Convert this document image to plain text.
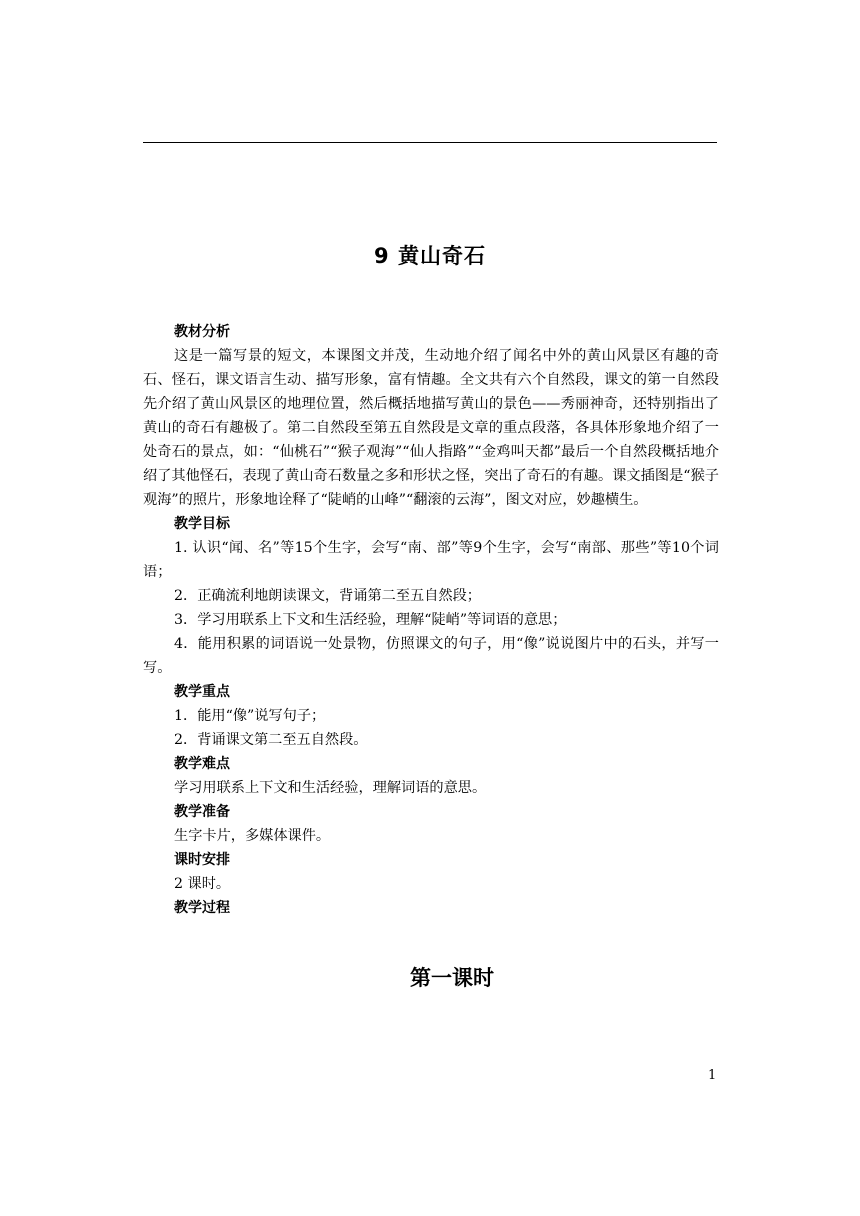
9 黄山奇石
教材分析

这是一篇写景的短文，本课图文并茂，生动地介绍了闻名中外的黄山风景区有趣的奇石、怪石，课文语言生动、描写形象，富有情趣。全文共有六个自然段，课文的第一自然段先介绍了黄山风景区的地理位置，然后概括地描写黄山的景色——秀丽神奇，还特别指出了黄山的奇石有趣极了。第二自然段至第五自然段是文章的重点段落，各具体形象地介绍了一处奇石的景点，如：“仙桃石”“猴子观海”“仙人指路”“金鸡叫天都”最后一个自然段概括地介绍了其他怪石，表现了黄山奇石数量之多和形状之怪，突出了奇石的有趣。课文插图是“猴子观海”的照片，形象地诠释了“陡峭的山峰”“翻滚的云海”，图文对应，妙趣横生。

教学目标
1. 认识“闻、名”等15个生字，会写“南、部”等9个生字，会写“南部、那些”等10个词语；
2．正确流利地朗读课文，背诵第二至五自然段；
3．学习用联系上下文和生活经验，理解“陡峭”等词语的意思；
4．能用积累的词语说一处景物，仿照课文的句子，用“像”说说图片中的石头，并写一写。
教学重点
1．能用“像”说写句子；
2．背诵课文第二至五自然段。
教学难点
学习用联系上下文和生活经验，理解词语的意思。
教学准备
生字卡片，多媒体课件。
课时安排
2 课时。
教学过程
第一课时
1
